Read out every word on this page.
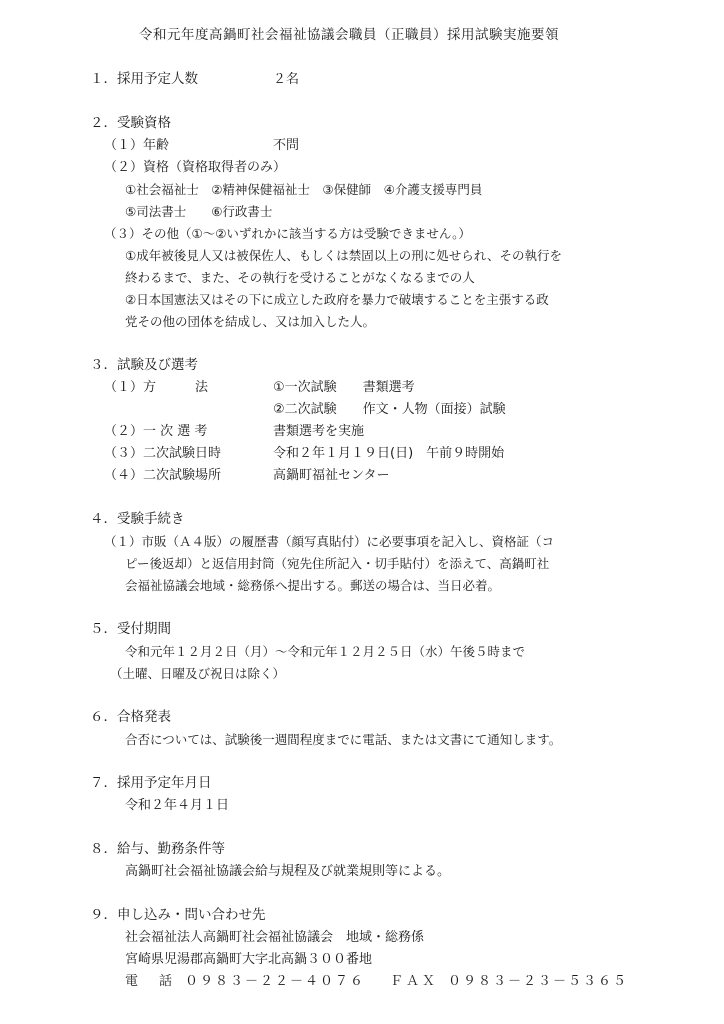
令和元年度高鍋町社会福祉協議会職員（正職員）採用試験実施要領
１．採用予定人数	２名
２．受験資格
（１）年齢	不問
（２）資格（資格取得者のみ）
①社会福祉士　②精神保健福祉士　③保健師　④介護支援専門員
⑤司法書士　　⑥行政書士
（３）その他（①～②いずれかに該当する方は受験できません。）
①成年被後見人又は被保佐人、もしくは禁固以上の刑に処せられ、その執行を
終わるまで、また、その執行を受けることがなくなるまでの人
②日本国憲法又はその下に成立した政府を暴力で破壊することを主張する政
党その他の団体を結成し、又は加入した人。
３．試験及び選考
（１）方　　　法	①一次試験　　書類選考
②二次試験　　作文・人物（面接）試験
（２）一 次 選 考	書類選考を実施
（３）二次試験日時	令和２年１月１９日(日)　午前９時開始
（４）二次試験場所	高鍋町福祉センター
４．受験手続き
（１）市販（Ａ４版）の履歴書（顔写真貼付）に必要事項を記入し、資格証（コ
ピー後返却）と返信用封筒（宛先住所記入・切手貼付）を添えて、高鍋町社
会福祉協議会地域・総務係へ提出する。郵送の場合は、当日必着。
５．受付期間
令和元年１２月２日（月）～令和元年１２月２５日（水）午後５時まで
（土曜、日曜及び祝日は除く）
６．合格発表
合否については、試験後一週間程度までに電話、または文書にて通知します。
７．採用予定年月日
令和２年４月１日
８．給与、勤務条件等
高鍋町社会福祉協議会給与規程及び就業規則等による。
９．申し込み・問い合わせ先
社会福祉法人高鍋町社会福祉協議会　地域・総務係
宮崎県児湯郡高鍋町大字北高鍋３００番地
電　話 ０９８３－２２－４０７６ ＦＡＸ ０９８３－２３－５３６５
